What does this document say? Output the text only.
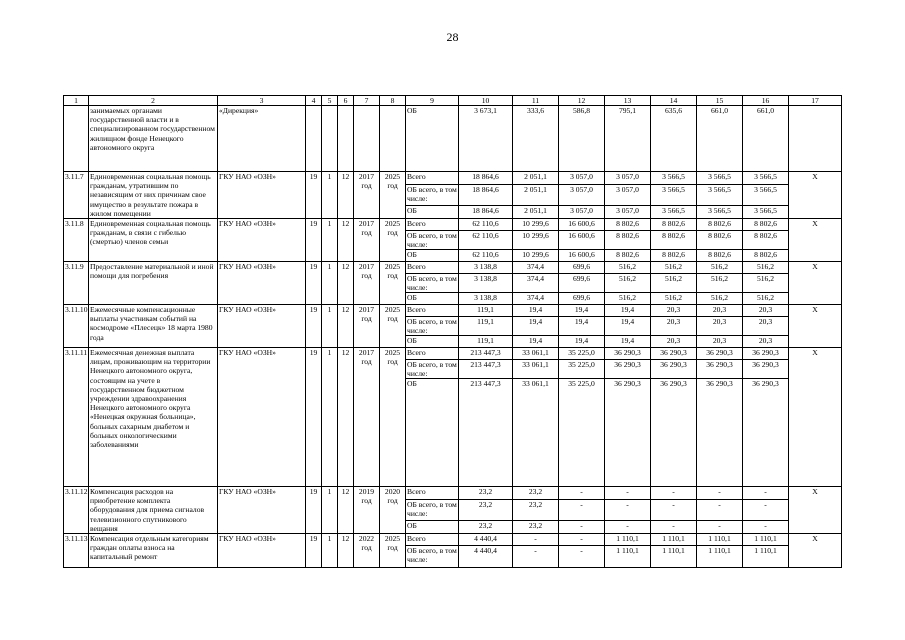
28
1	2	3	4	5	6	7	8	9	10	11	12	13	14	15	16	17
	занимаемых органами государственной власти и в специализированном государственном жилищном фонде Ненецкого автономного округа	«Дирекция»						ОБ	3 673,1	333,6	586,8	795,1	635,6	661,0	661,0	
3.11.7	Единовременная социальная помощь гражданам, утратившим по независящим от них причинам свое имущество в результате пожара в жилом помещении	ГКУ НАО «ОЗН»	19	1	12	2017 год	2025 год	Всего	18 864,6	2 051,1	3 057,0	3 057,0	3 566,5	3 566,5	3 566,5	X
								ОБ всего, в том числе:	18 864,6	2 051,1	3 057,0	3 057,0	3 566,5	3 566,5	3 566,5	
								ОБ	18 864,6	2 051,1	3 057,0	3 057,0	3 566,5	3 566,5	3 566,5	
3.11.8	Единовременная социальная помощь гражданам, в связи с гибелью (смертью) членов семьи	ГКУ НАО «ОЗН»	19	1	12	2017 год	2025 год	Всего	62 110,6	10 299,6	16 600,6	8 802,6	8 802,6	8 802,6	8 802,6	X
								ОБ всего, в том числе:	62 110,6	10 299,6	16 600,6	8 802,6	8 802,6	8 802,6	8 802,6	
								ОБ	62 110,6	10 299,6	16 600,6	8 802,6	8 802,6	8 802,6	8 802,6	
3.11.9	Предоставление материальной и иной помощи для погребения	ГКУ НАО «ОЗН»	19	1	12	2017 год	2025 год	Всего	3 138,8	374,4	699,6	516,2	516,2	516,2	516,2	X
								ОБ всего, в том числе:	3 138,8	374,4	699,6	516,2	516,2	516,2	516,2	
								ОБ	3 138,8	374,4	699,6	516,2	516,2	516,2	516,2	
3.11.10	Ежемесячные компенсационные выплаты участникам событий на космодроме «Плесецк» 18 марта 1980 года	ГКУ НАО «ОЗН»	19	1	12	2017 год	2025 год	Всего	119,1	19,4	19,4	19,4	20,3	20,3	20,3	X
								ОБ всего, в том числе:	119,1	19,4	19,4	19,4	20,3	20,3	20,3	
								ОБ	119,1	19,4	19,4	19,4	20,3	20,3	20,3	
3.11.11	Ежемесячная денежная выплата лицам, проживающим на территории Ненецкого автономного округа, состоящим на учете в государственном бюджетном учреждении здравоохранения Ненецкого автономного округа «Ненецкая окружная больница», больных сахарным диабетом и больных онкологическими заболеваниями	ГКУ НАО «ОЗН»	19	1	12	2017 год	2025 год	Всего	213 447,3	33 061,1	35 225,0	36 290,3	36 290,3	36 290,3	36 290,3	X
								ОБ всего, в том числе:	213 447,3	33 061,1	35 225,0	36 290,3	36 290,3	36 290,3	36 290,3	
								ОБ	213 447,3	33 061,1	35 225,0	36 290,3	36 290,3	36 290,3	36 290,3	
3.11.12	Компенсация расходов на приобретение комплекта оборудования для приема сигналов телевизионного спутникового вещания	ГКУ НАО «ОЗН»	19	1	12	2019 год	2020 год	Всего	23,2	23,2	-	-	-	-	-	X
								ОБ всего, в том числе:	23,2	23,2	-	-	-	-	-	
								ОБ	23,2	23,2	-	-	-	-	-	
3.11.13	Компенсация отдельным категориям граждан оплаты взноса на капитальный ремонт	ГКУ НАО «ОЗН»	19	1	12	2022 год	2025 год	Всего	4 440,4	-	-	1 110,1	1 110,1	1 110,1	1 110,1	X
								ОБ всего, в том числе:	4 440,4	-	-	1 110,1	1 110,1	1 110,1	1 110,1	
